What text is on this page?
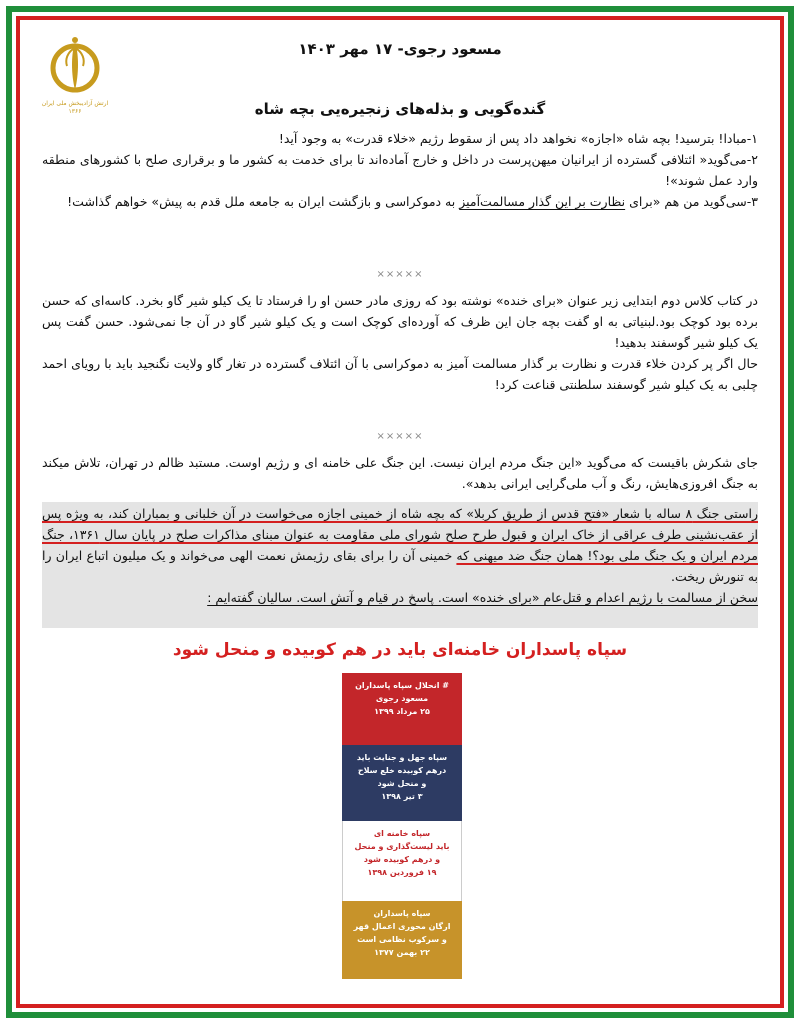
ارتش آزادیبخش ملی ایران
۱۳۶۶
مسعود رجوی- ۱۷ مهر ۱۴۰۳
گنده‌گویی و بذله‌های زنجیره‌یی بچه شاه

۱-مبادا! بترسید! بچه شاه «اجازه» نخواهد داد پس از سقوط رژیم «خلاء قدرت» به وجود آید!

۲-می‌گوید« ائتلافی گسترده از ایرانیان میهن‌پرست در داخل و خارج آماده‌اند تا برای خدمت به کشور ما و برقراری صلح با کشورهای منطقه وارد عمل شوند»!

۳-سی‌گوید من هم «برای نظارت بر این گذار مسالمت‌آمیز به دموکراسی و بازگشت ایران به جامعه ملل قدم به پیش» خواهم گذاشت!

×××××

در کتاب کلاس دوم ابتدایی زیر عنوان «برای خنده» نوشته بود که روزی مادر حسن او را فرستاد تا یک کیلو شیر گاو بخرد. کاسه‌ای که حسن برده بود کوچک بود.لبنیاتی به او گفت بچه جان این ظرف که آورده‌ای کوچک است و یک کیلو شیر گاو در آن جا نمی‌شود. حسن گفت پس یک کیلو شیر گوسفند بدهید!

حال اگر پر کردن خلاء قدرت و نظارت بر گذار مسالمت آمیز به دموکراسی با آن ائتلاف گسترده در تغار گاو ولایت نگنجید باید با رویای احمد چلبی به یک کیلو شیر گوسفند سلطنتی قناعت کرد!

×××××
جای شکرش باقیست که می‌گوید «این جنگ مردم ایران نیست. این جنگ علی خامنه ای و رژیم اوست. مستبد ظالم در تهران، تلاش میکند به جنگ افروزی‌هایش، رنگ و آب ملی‌گرایی ایرانی بدهد».

راستی جنگ ۸ ساله با شعار «فتح قدس از طریق کربلا» که بچه شاه از خمینی اجازه می‌خواست در آن خلبانی و بمباران کند، به ویژه پس از عقب‌نشینی طرف عراقی از خاک ایران و قبول طرح صلح شورای ملی مقاومت به عنوان مبنای مذاکرات صلح در پایان سال ۱۳۶۱، جنگ مردم ایران و یک جنگ ملی بود؟! همان جنگ ضد میهنی که خمینی آن را برای بقای رژیمش نعمت الهی می‌خواند و یک میلیون اتباع ایران را به تنورش ریخت.

سخن از مسالمت با رژیم اعدام و قتل‌عام «برای خنده» است. پاسخ در قیام و آتش است. سالیان گفته‌ایم :

سپاه پاسداران خامنه‌ای باید در هم کوبیده و منحل شود
# انحلال سپاه پاسداران
مسعود رجوی
۲۵ مرداد ۱۳۹۹
سپاه جهل و جنایت باید
درهم کوبیده خلع سلاح
و منحل شود
۳ تیر ۱۳۹۸
سپاه خامنه ای
باید لیست‌گذاری و منحل
و درهم کوبیده شود
۱۹ فروردین ۱۳۹۸
سپاه پاسداران
ارگان محوری اعمال قهر
و سرکوب نظامی است
۲۲ بهمن ۱۳۷۷
